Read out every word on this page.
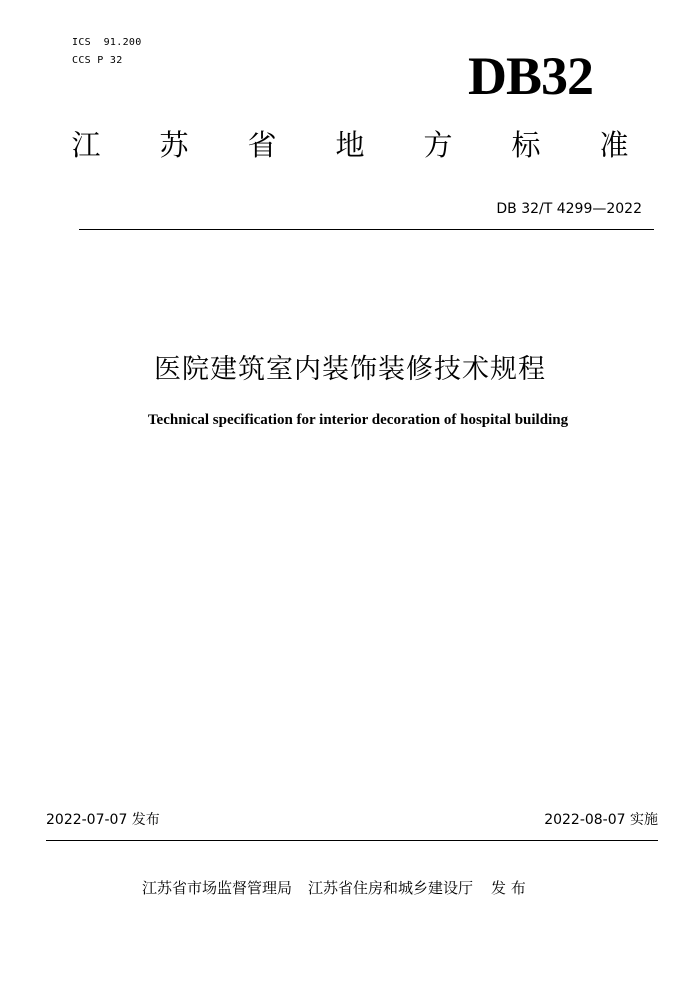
ICS  91.200
CCS P 32	DB32
江	苏	省	地	方	标	准
DB 32/T 4299—2022
医院建筑室内装饰装修技术规程
Technical specification for interior decoration of hospital building
2022-07-07 发布	2022-08-07 实施
江苏省市场监督管理局 江苏省住房和城乡建设厅 发 布
